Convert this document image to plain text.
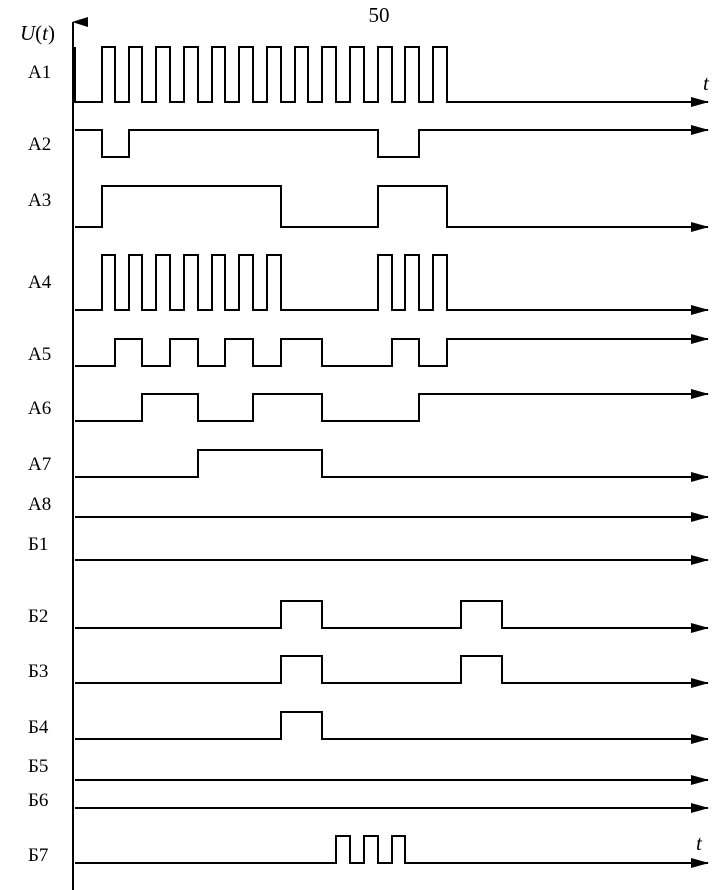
50
U(t)
А1	t
А2
А3
А4
А5
А6
А7
А8
Б1
Б2
Б3
Б4
Б5
Б6
Б7
t
